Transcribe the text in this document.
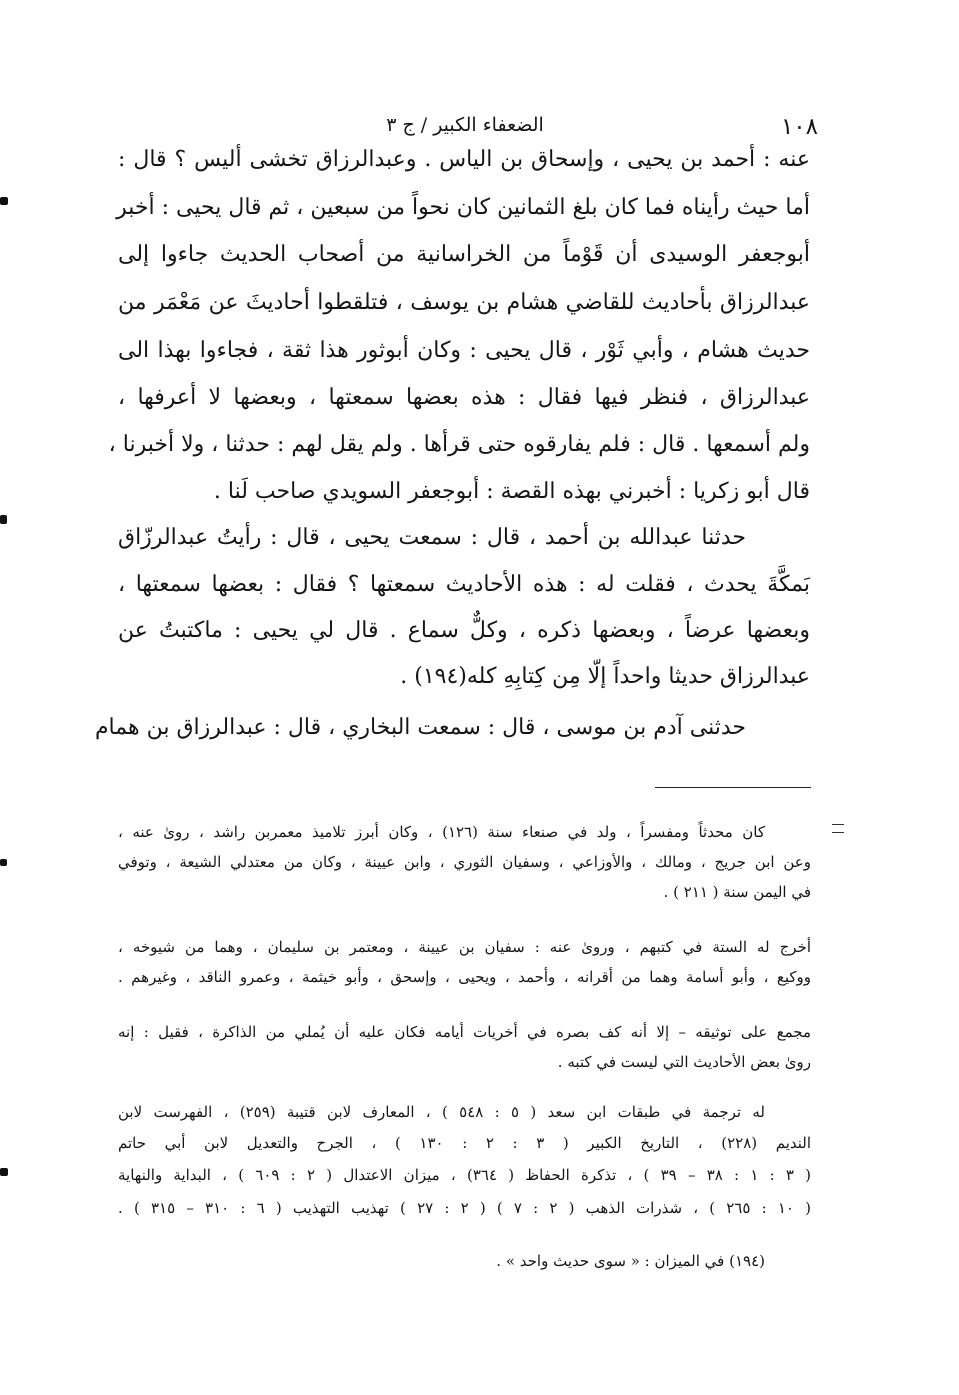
الضعفاء الكبير / ج ٣	١٠٨
عنه : أحمد بن يحيى ، وإسحاق بن الياس . وعبدالرزاق تخشى أليس ؟ قال :
أما حيث رأيناه فما كان بلغ الثمانين كان نحواً من سبعين ، ثم قال يحيى : أخبر
أبوجعفر الوسيدى أن قَوْماً من الخراسانية من أصحاب الحديث جاءوا إلى
عبدالرزاق بأحاديث للقاضي هشام بن يوسف ، فتلقطوا أحاديثَ عن مَعْمَر من
حديث هشام ، وأبي ثَوْر ، قال يحيى : وكان أبوثور هذا ثقة ، فجاءوا بهذا الى
عبدالرزاق ، فنظر فيها فقال : هذه بعضها سمعتها ، وبعضها لا أعرفها ،
ولم أسمعها . قال : فلم يفارقوه حتى قرأها . ولم يقل لهم : حدثنا ، ولا أخبرنا ،
قال أبو زكريا : أخبرني بهذه القصة : أبوجعفر السويدي صاحب لَنا .
حدثنا عبدالله بن أحمد ، قال : سمعت يحيى ، قال : رأيتُ عبدالرزّاق
بَمكَّةَ يحدث ، فقلت له : هذه الأحاديث سمعتها ؟ فقال : بعضها سمعتها ،
وبعضها عرضاً ، وبعضها ذكره ، وكلٌّ سماع . قال لي يحيى : ماكتبتُ عن
عبدالرزاق حديثا واحداً إلّا مِن كِتابِهِ كله(١٩٤) .
حدثنى آدم بن موسى ، قال : سمعت البخاري ، قال : عبدالرزاق بن همام
كان محدثاً ومفسراً ، ولد في صنعاء سنة (١٢٦) ، وكان أبرز تلاميذ معمربن راشد ، روىٰ عنه ،
وعن ابن جريج ، ومالك ، والأوزاعي ، وسفيان الثوري ، وابن عيينة ، وكان من معتدلي الشيعة ، وتوفي
في اليمن سنة ( ٢١١ ) .
أخرج له الستة في كتبهم ، وروىٰ عنه : سفيان بن عيينة ، ومعتمر بن سليمان ، وهما من شيوخه ،
ووكيع ، وأبو أسامة وهما من أقرانه ، وأحمد ، ويحيى ، وإسحق ، وأبو خيثمة ، وعمرو الناقد ، وغيرهم .
مجمع على توثيقه – إلا أنه كف بصره في أخريات أيامه فكان عليه أن يُملي من الذاكرة ، فقيل : إنه
روىٰ بعض الأحاديث التي ليست في كتبه .
له ترجمة في طبقات ابن سعد ( ٥ : ٥٤٨ ) ، المعارف لابن قتيبة (٢٥٩) ، الفهرست لابن
النديم (٢٢٨) ، التاريخ الكبير ( ٣ : ٢ : ١٣٠ ) ، الجرح والتعديل لابن أبي حاتم
( ٣ : ١ : ٣٨ – ٣٩ ) ، تذكرة الحفاظ ( ٣٦٤) ، ميزان الاعتدال ( ٢ : ٦٠٩ ) ، البداية والنهاية
( ١٠ : ٢٦٥ ) ، شذرات الذهب ( ٢ : ٧ ) ( ٢ : ٢٧ ) تهذيب التهذيب ( ٦ : ٣١٠ – ٣١٥ ) .
(١٩٤) في الميزان : « سوى حديث واحد » .
